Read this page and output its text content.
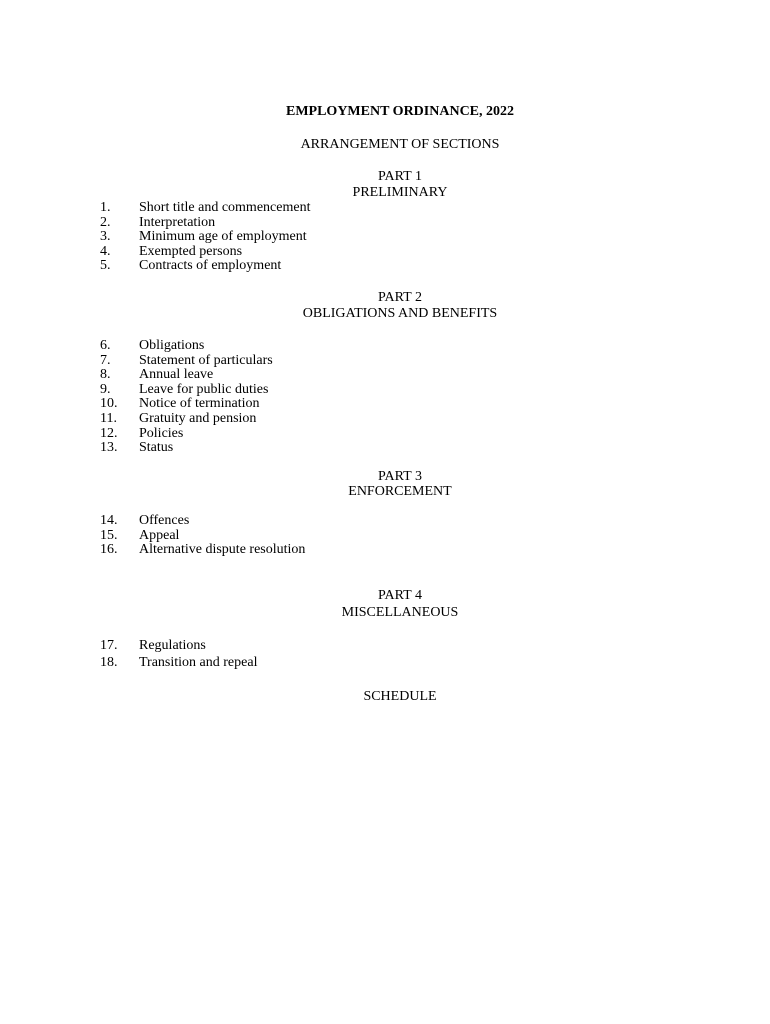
EMPLOYMENT ORDINANCE, 2022
ARRANGEMENT OF SECTIONS
PART 1
PRELIMINARY
1.	Short title and commencement
2.	Interpretation
3.	Minimum age of employment
4.	Exempted persons
5.	Contracts of employment
PART 2
OBLIGATIONS AND BENEFITS
6.	Obligations
7.	Statement of particulars
8.	Annual leave
9.	Leave for public duties
10.	Notice of termination
11.	Gratuity and pension
12.	Policies
13.	Status
PART 3
ENFORCEMENT
14.	Offences
15.	Appeal
16.	Alternative dispute resolution
PART 4
MISCELLANEOUS
17.	Regulations
18.	Transition and repeal
SCHEDULE
